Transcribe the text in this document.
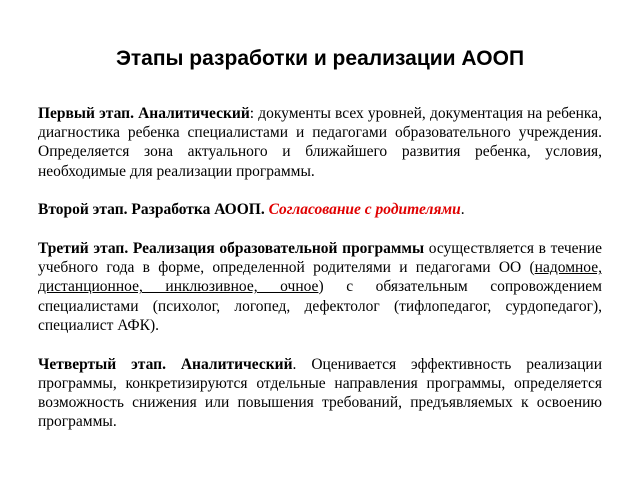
Этапы разработки и реализации АООП

Первый этап. Аналитический: документы всех уровней, документация на ребенка, диагностика ребенка специалистами и педагогами образовательного учреждения. Определяется зона актуального и ближайшего развития ребенка, условия, необходимые для реализации программы.

Второй этап. Разработка АООП. Согласование с родителями.

Третий этап. Реализация образовательной программы осуществляется в течение учебного года в форме, определенной родителями и педагогами ОО (надомное, дистанционное, инклюзивное, очное) с обязательным сопровождением специалистами (психолог, логопед, дефектолог (тифлопедагог, сурдопедагог), специалист АФК).

Четвертый этап. Аналитический. Оценивается эффективность реализации программы, конкретизируются отдельные направления программы, определяется возможность снижения или повышения требований, предъявляемых к освоению программы.
